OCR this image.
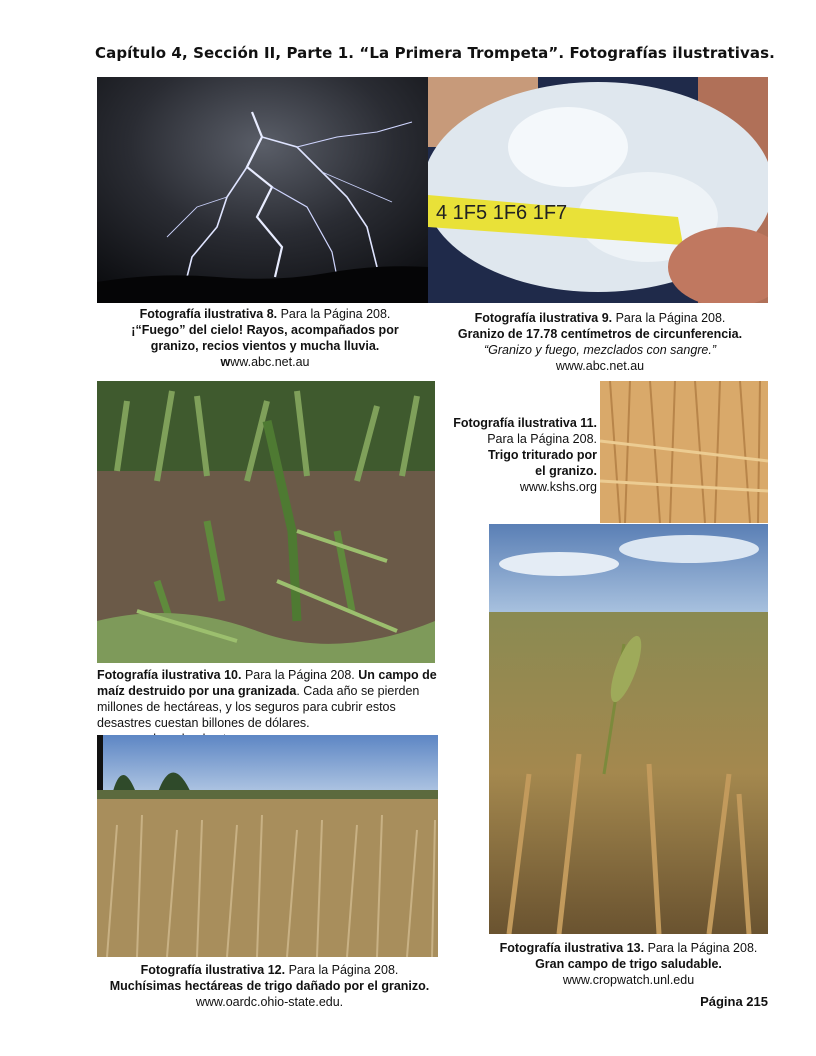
Capítulo 4, Sección II, Parte 1. “La Primera Trompeta”. Fotografías ilustrativas.
4 1F5 1F6 1F7
Fotografía ilustrativa 8. Para la Página 208.
¡“Fuego” del cielo! Rayos, acompañados por granizo, recios vientos y mucha lluvia.
www.abc.net.au
Fotografía ilustrativa 9. Para la Página 208.
Granizo de 17.78 centímetros de circunferencia.
“Granizo y fuego, mezclados con sangre.”
www.abc.net.au
Fotografía ilustrativa 11.
Para la Página 208.
Trigo triturado por
el granizo.
www.kshs.org
Fotografía ilustrativa 10. Para la Página 208. Un campo de maíz destruido por una granizada. Cada año se pierden millones de hectáreas, y los seguros para cubrir estos desastres cuestan billones de dólares.
Fotografía ilustrativa 13. Para la Página 208.
Gran campo de trigo saludable.
www.cropwatch.unl.edu
Fotografía ilustrativa 12. Para la Página 208.
Muchísimas hectáreas de trigo dañado por el granizo.
www.oardc.ohio-state.edu.	Página 215
